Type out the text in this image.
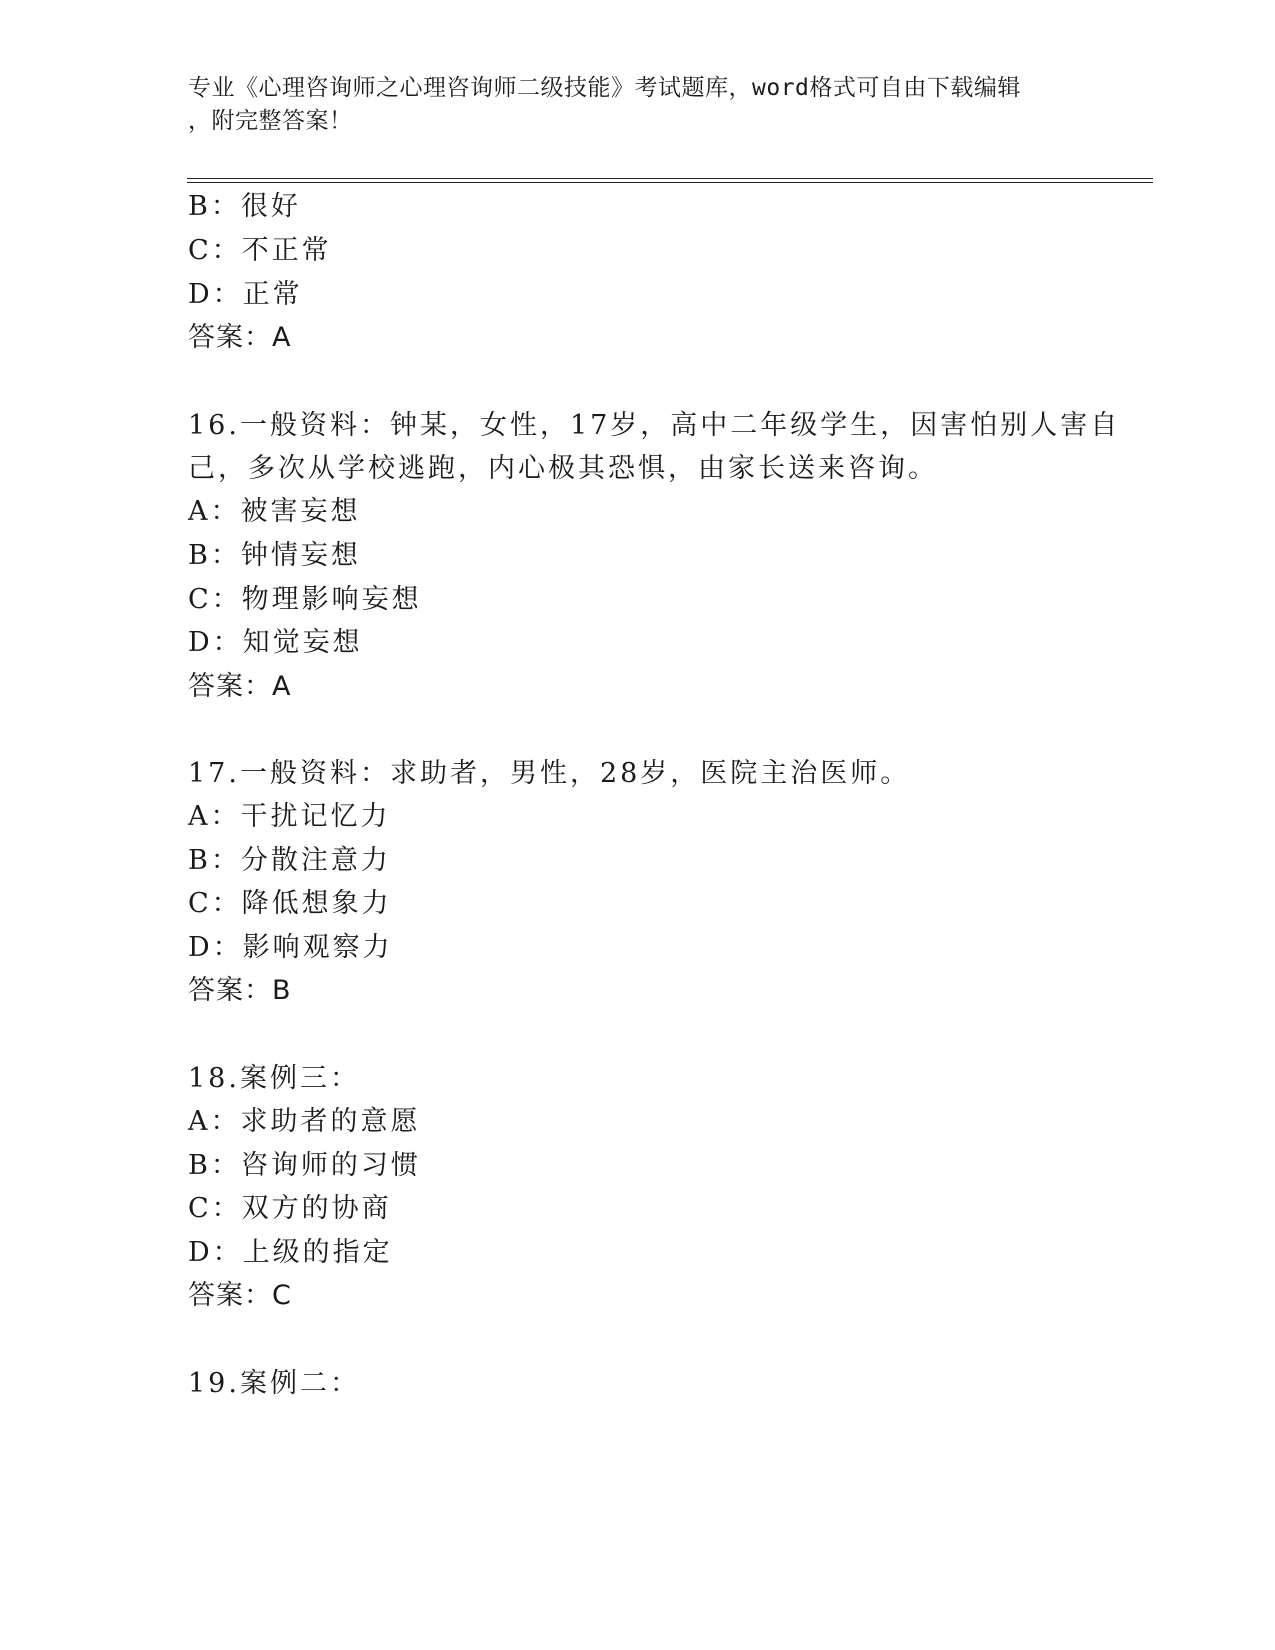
专业《心理咨询师之心理咨询师二级技能》考试题库，word格式可自由下载编辑
，附完整答案！
B：很好
C：不正常
D：正常
答案：A
16.一般资料：钟某，女性，17岁，高中二年级学生，因害怕别人害自
己，多次从学校逃跑，内心极其恐惧，由家长送来咨询。
A：被害妄想
B：钟情妄想
C：物理影响妄想
D：知觉妄想
答案：A
17.一般资料：求助者，男性，28岁，医院主治医师。
A：干扰记忆力
B：分散注意力
C：降低想象力
D：影响观察力
答案：B
18.案例三：
A：求助者的意愿
B：咨询师的习惯
C：双方的协商
D：上级的指定
答案：C
19.案例二：
